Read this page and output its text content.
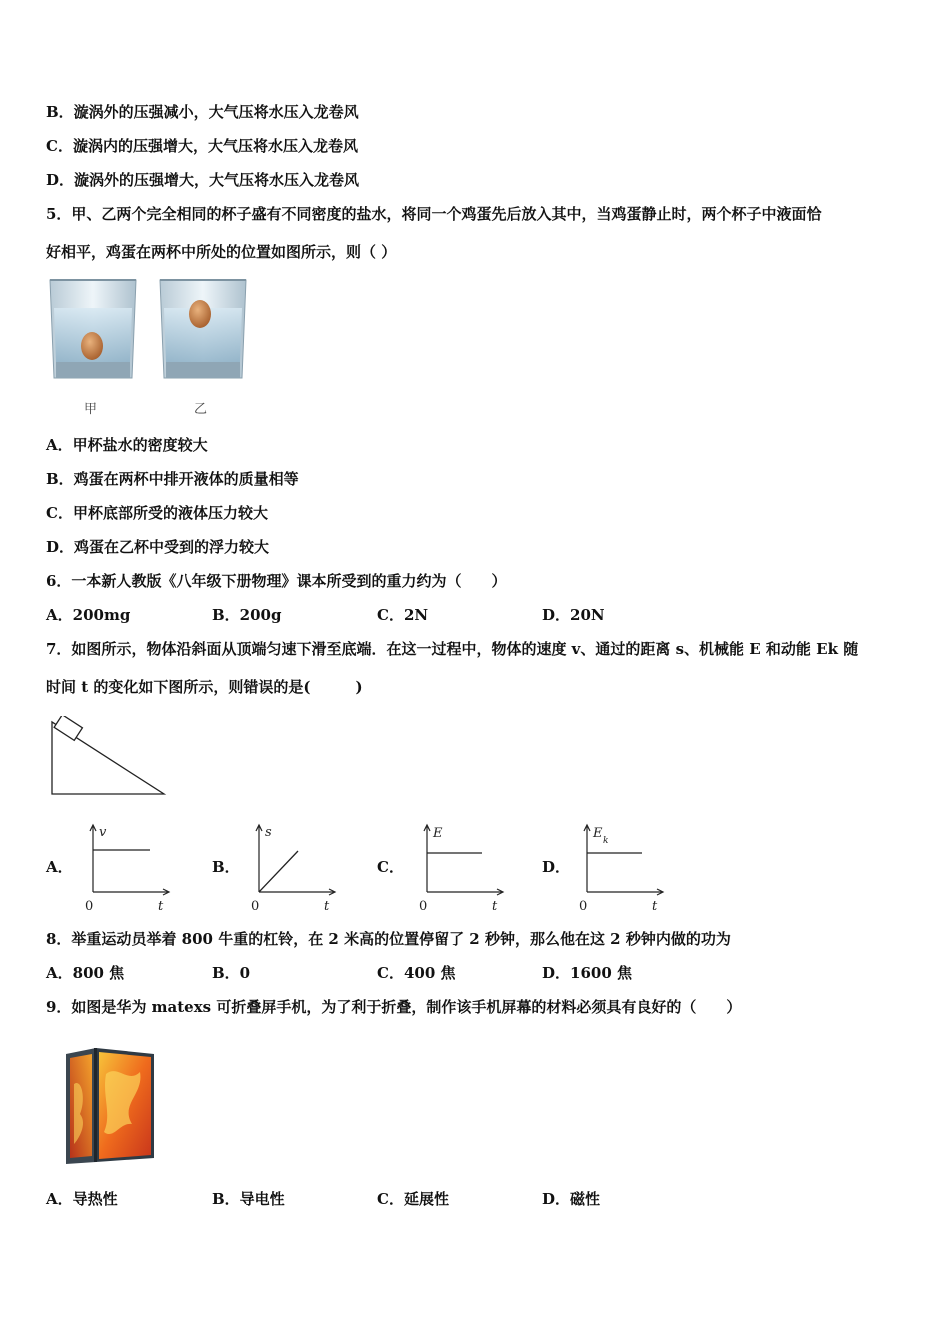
B．漩涡外的压强减小，大气压将水压入龙卷风
C．漩涡内的压强增大，大气压将水压入龙卷风
D．漩涡外的压强增大，大气压将水压入龙卷风
5．甲、乙两个完全相同的杯子盛有不同密度的盐水，将同一个鸡蛋先后放入其中，当鸡蛋静止时，两个杯子中液面恰
好相平，鸡蛋在两杯中所处的位置如图所示，则（ ）
甲	乙
A．甲杯盐水的密度较大
B．鸡蛋在两杯中排开液体的质量相等
C．甲杯底部所受的液体压力较大
D．鸡蛋在乙杯中受到的浮力较大
6．一本新人教版《八年级下册物理》课本所受到的重力约为（　　）
A．200mg	B．200g	C．2N	D．20N
7．如图所示，物体沿斜面从顶端匀速下滑至底端．在这一过程中，物体的速度 v、通过的距离 s、机械能 E 和动能 Ek 随
时间 t 的变化如下图所示，则错误的是(　　　)
A．
v
t
0
B．
s
t
0
C．
E
t
0
D．
E k
t
0
8．举重运动员举着 800 牛重的杠铃，在 2 米高的位置停留了 2 秒钟，那么他在这 2 秒钟内做的功为
A．800 焦	B．0	C．400 焦	D．1600 焦
9．如图是华为 matexs 可折叠屏手机，为了利于折叠，制作该手机屏幕的材料必须具有良好的（　　）
A．导热性	B．导电性	C．延展性	D．磁性
